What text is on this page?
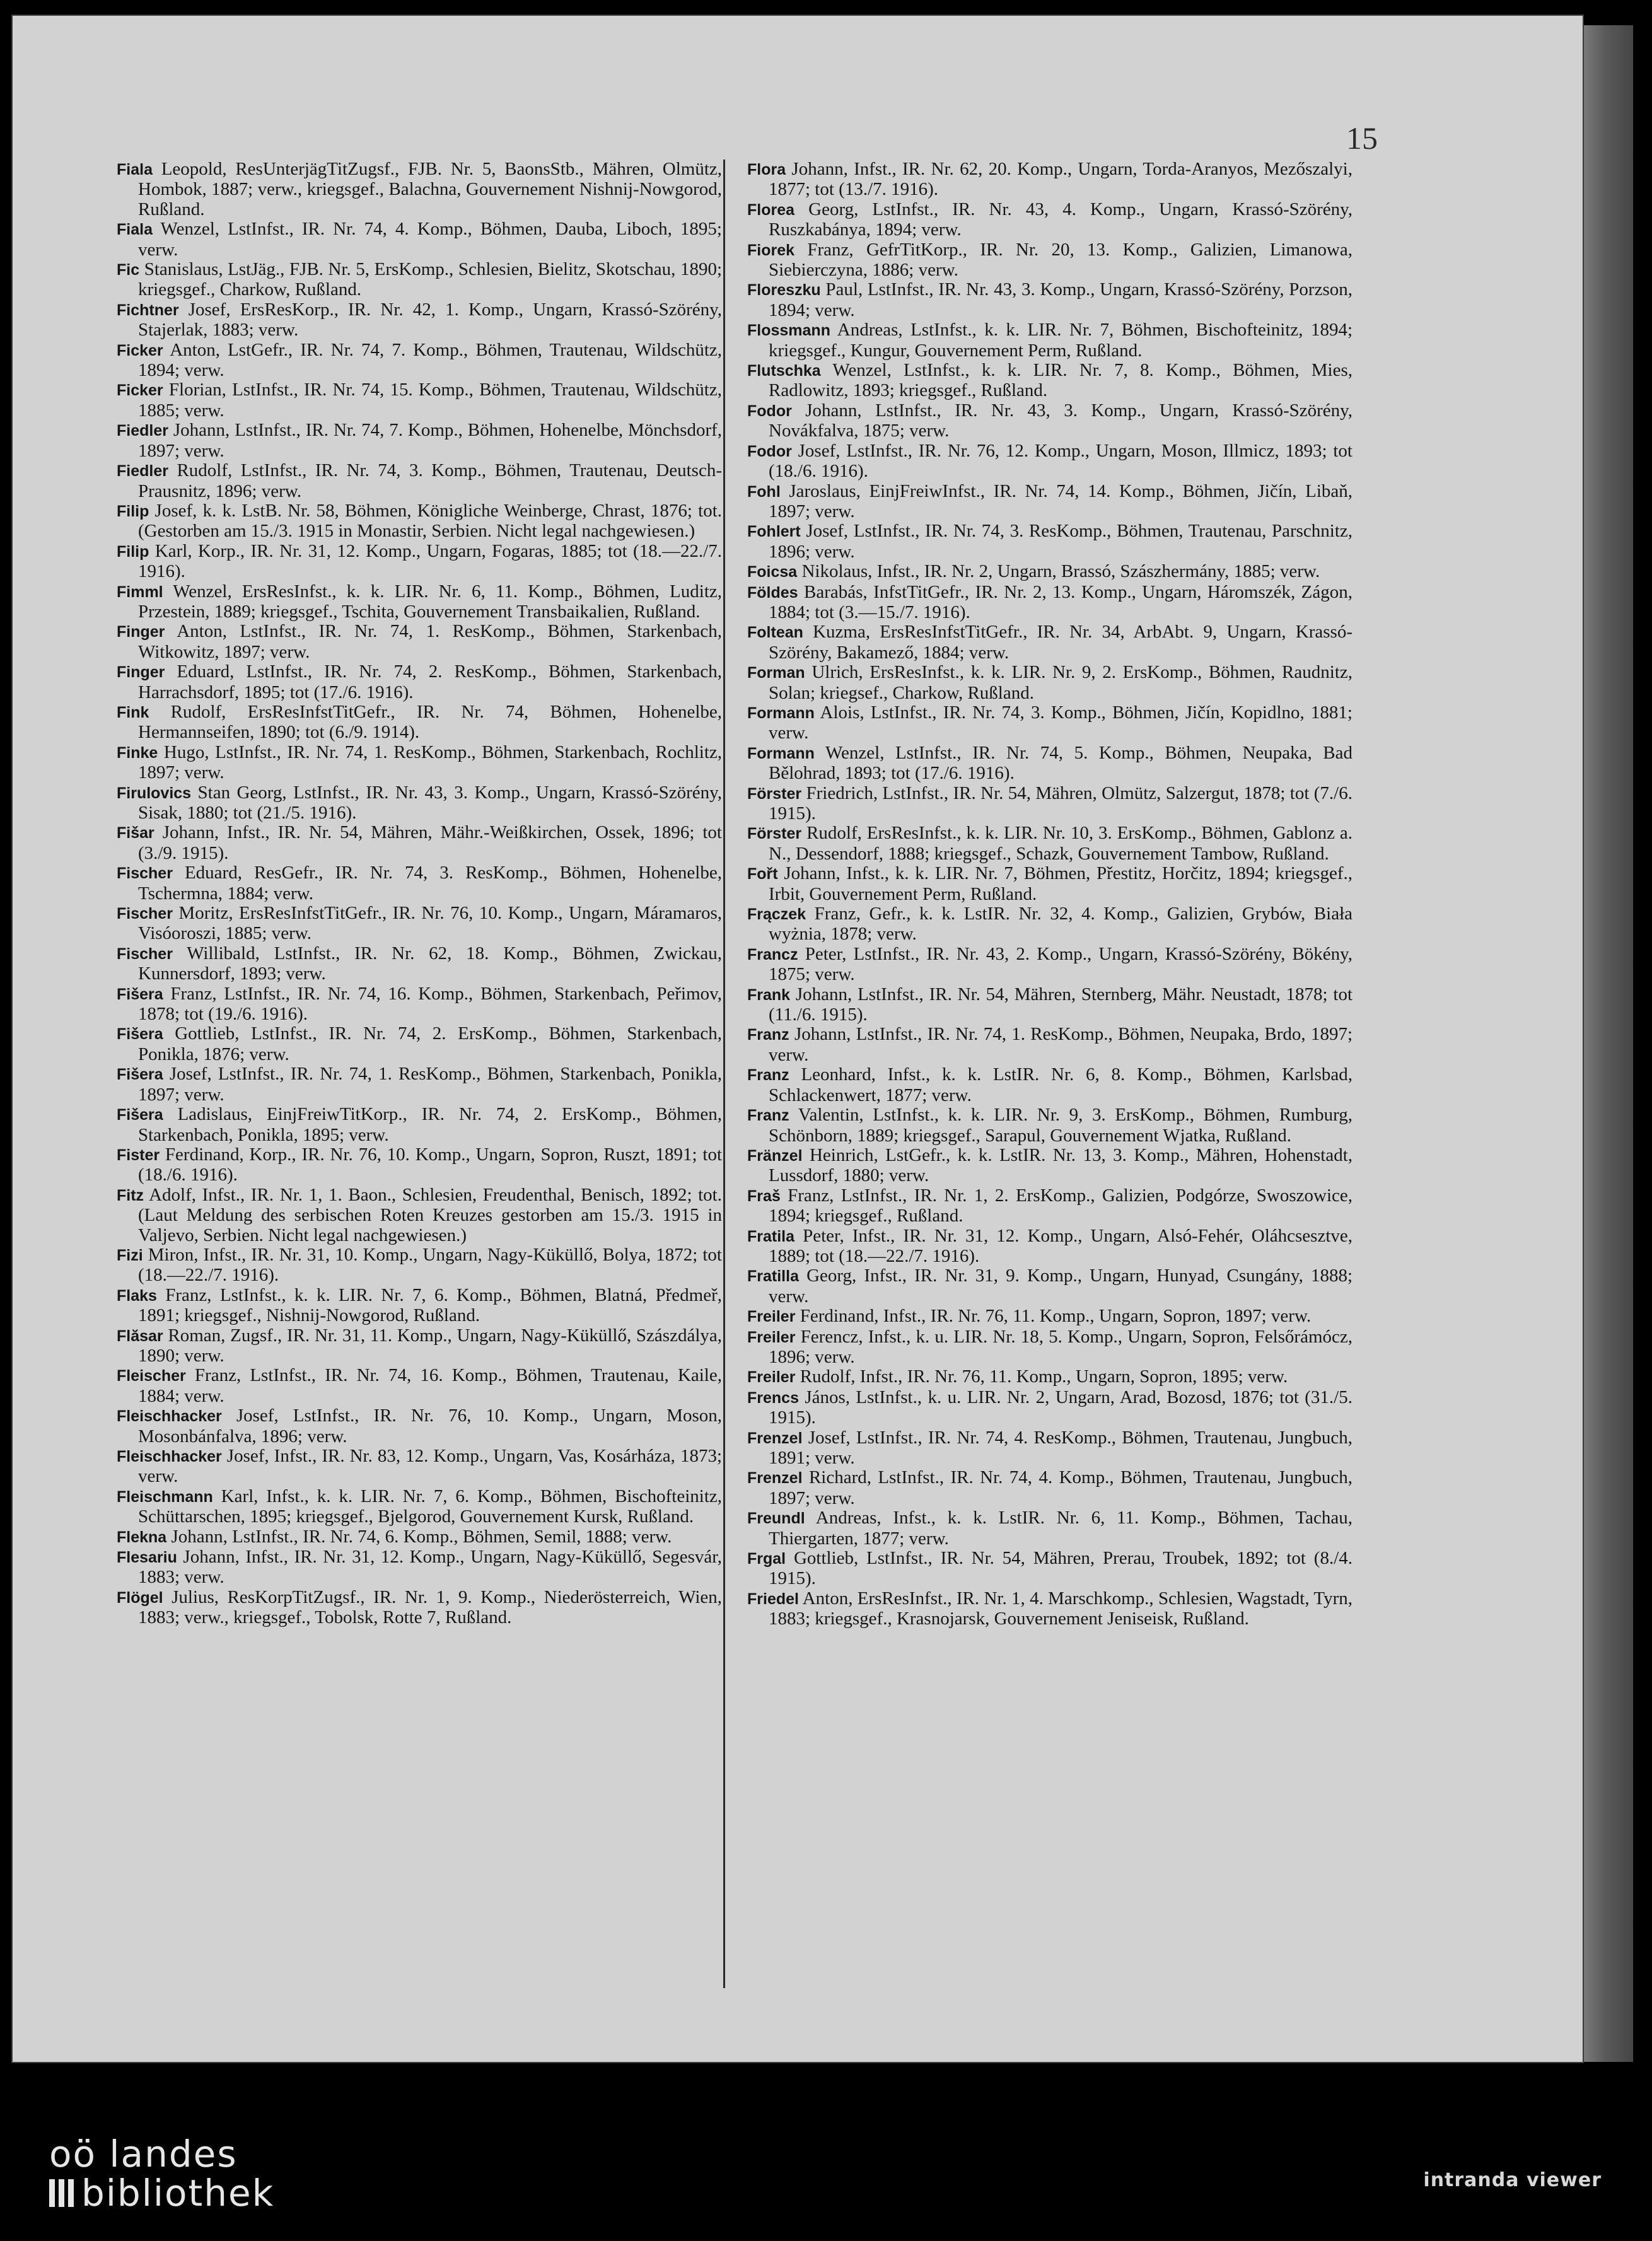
15

Fiala Leopold, ResUnterjägTitZugsf., FJB. Nr. 5, BaonsStb., Mähren, Olmütz, Hombok, 1887; verw., kriegsgef., Balachna, Gouvernement Nishnij-Nowgorod, Rußland.

Fiala Wenzel, LstInfst., IR. Nr. 74, 4. Komp., Böhmen, Dauba, Liboch, 1895; verw.

Fic Stanislaus, LstJäg., FJB. Nr. 5, ErsKomp., Schlesien, Bielitz, Skotschau, 1890; kriegsgef., Charkow, Rußland.

Fichtner Josef, ErsResKorp., IR. Nr. 42, 1. Komp., Ungarn, Krassó-Szörény, Stajerlak, 1883; verw.

Ficker Anton, LstGefr., IR. Nr. 74, 7. Komp., Böhmen, Trautenau, Wildschütz, 1894; verw.

Ficker Florian, LstInfst., IR. Nr. 74, 15. Komp., Böhmen, Trautenau, Wildschütz, 1885; verw.

Fiedler Johann, LstInfst., IR. Nr. 74, 7. Komp., Böhmen, Hohenelbe, Mönchsdorf, 1897; verw.

Fiedler Rudolf, LstInfst., IR. Nr. 74, 3. Komp., Böhmen, Trautenau, Deutsch-Prausnitz, 1896; verw.

Filip Josef, k. k. LstB. Nr. 58, Böhmen, Königliche Weinberge, Chrast, 1876; tot. (Gestorben am 15./3. 1915 in Monastir, Serbien. Nicht legal nachgewiesen.)

Filip Karl, Korp., IR. Nr. 31, 12. Komp., Ungarn, Fogaras, 1885; tot (18.—22./7. 1916).

Fimml Wenzel, ErsResInfst., k. k. LIR. Nr. 6, 11. Komp., Böhmen, Luditz, Przestein, 1889; kriegsgef., Tschita, Gouvernement Transbaikalien, Rußland.

Finger Anton, LstInfst., IR. Nr. 74, 1. ResKomp., Böhmen, Starkenbach, Witkowitz, 1897; verw.

Finger Eduard, LstInfst., IR. Nr. 74, 2. ResKomp., Böhmen, Starkenbach, Harrachsdorf, 1895; tot (17./6. 1916).

Fink Rudolf, ErsResInfstTitGefr., IR. Nr. 74, Böhmen, Hohenelbe, Hermannseifen, 1890; tot (6./9. 1914).

Finke Hugo, LstInfst., IR. Nr. 74, 1. ResKomp., Böhmen, Starkenbach, Rochlitz, 1897; verw.

Firulovics Stan Georg, LstInfst., IR. Nr. 43, 3. Komp., Ungarn, Krassó-Szörény, Sisak, 1880; tot (21./5. 1916).

Fišar Johann, Infst., IR. Nr. 54, Mähren, Mähr.-Weißkirchen, Ossek, 1896; tot (3./9. 1915).

Fischer Eduard, ResGefr., IR. Nr. 74, 3. ResKomp., Böhmen, Hohenelbe, Tschermna, 1884; verw.

Fischer Moritz, ErsResInfstTitGefr., IR. Nr. 76, 10. Komp., Ungarn, Máramaros, Visóoroszi, 1885; verw.

Fischer Willibald, LstInfst., IR. Nr. 62, 18. Komp., Böhmen, Zwickau, Kunnersdorf, 1893; verw.

Fišera Franz, LstInfst., IR. Nr. 74, 16. Komp., Böhmen, Starkenbach, Peřimov, 1878; tot (19./6. 1916).

Fišera Gottlieb, LstInfst., IR. Nr. 74, 2. ErsKomp., Böhmen, Starkenbach, Ponikla, 1876; verw.

Fišera Josef, LstInfst., IR. Nr. 74, 1. ResKomp., Böhmen, Starkenbach, Ponikla, 1897; verw.

Fišera Ladislaus, EinjFreiwTitKorp., IR. Nr. 74, 2. ErsKomp., Böhmen, Starkenbach, Ponikla, 1895; verw.

Fister Ferdinand, Korp., IR. Nr. 76, 10. Komp., Ungarn, Sopron, Ruszt, 1891; tot (18./6. 1916).

Fitz Adolf, Infst., IR. Nr. 1, 1. Baon., Schlesien, Freudenthal, Benisch, 1892; tot. (Laut Meldung des serbischen Roten Kreuzes gestorben am 15./3. 1915 in Valjevo, Serbien. Nicht legal nachgewiesen.)

Fizi Miron, Infst., IR. Nr. 31, 10. Komp., Ungarn, Nagy-Küküllő, Bolya, 1872; tot (18.—22./7. 1916).

Flaks Franz, LstInfst., k. k. LIR. Nr. 7, 6. Komp., Böhmen, Blatná, Předmeř, 1891; kriegsgef., Nishnij-Nowgorod, Rußland.

Flăsar Roman, Zugsf., IR. Nr. 31, 11. Komp., Ungarn, Nagy-Küküllő, Szászdálya, 1890; verw.

Fleischer Franz, LstInfst., IR. Nr. 74, 16. Komp., Böhmen, Trautenau, Kaile, 1884; verw.

Fleischhacker Josef, LstInfst., IR. Nr. 76, 10. Komp., Ungarn, Moson, Mosonbánfalva, 1896; verw.

Fleischhacker Josef, Infst., IR. Nr. 83, 12. Komp., Ungarn, Vas, Kosárháza, 1873; verw.

Fleischmann Karl, Infst., k. k. LIR. Nr. 7, 6. Komp., Böhmen, Bischofteinitz, Schüttarschen, 1895; kriegsgef., Bjelgorod, Gouvernement Kursk, Rußland.

Flekna Johann, LstInfst., IR. Nr. 74, 6. Komp., Böhmen, Semil, 1888; verw.

Flesariu Johann, Infst., IR. Nr. 31, 12. Komp., Ungarn, Nagy-Küküllő, Segesvár, 1883; verw.

Flögel Julius, ResKorpTitZugsf., IR. Nr. 1, 9. Komp., Niederösterreich, Wien, 1883; verw., kriegsgef., Tobolsk, Rotte 7, Rußland.

Flora Johann, Infst., IR. Nr. 62, 20. Komp., Ungarn, Torda-Aranyos, Mezőszalyi, 1877; tot (13./7. 1916).

Florea Georg, LstInfst., IR. Nr. 43, 4. Komp., Ungarn, Krassó-Szörény, Ruszkabánya, 1894; verw.

Fiorek Franz, GefrTitKorp., IR. Nr. 20, 13. Komp., Galizien, Limanowa, Siebierczyna, 1886; verw.

Floreszku Paul, LstInfst., IR. Nr. 43, 3. Komp., Ungarn, Krassó-Szörény, Porzson, 1894; verw.

Flossmann Andreas, LstInfst., k. k. LIR. Nr. 7, Böhmen, Bischofteinitz, 1894; kriegsgef., Kungur, Gouvernement Perm, Rußland.

Flutschka Wenzel, LstInfst., k. k. LIR. Nr. 7, 8. Komp., Böhmen, Mies, Radlowitz, 1893; kriegsgef., Rußland.

Fodor Johann, LstInfst., IR. Nr. 43, 3. Komp., Ungarn, Krassó-Szörény, Novákfalva, 1875; verw.

Fodor Josef, LstInfst., IR. Nr. 76, 12. Komp., Ungarn, Moson, Illmicz, 1893; tot (18./6. 1916).

Fohl Jaroslaus, EinjFreiwInfst., IR. Nr. 74, 14. Komp., Böhmen, Jičín, Libaň, 1897; verw.

Fohlert Josef, LstInfst., IR. Nr. 74, 3. ResKomp., Böhmen, Trautenau, Parschnitz, 1896; verw.

Foicsa Nikolaus, Infst., IR. Nr. 2, Ungarn, Brassó, Szászhermány, 1885; verw.

Földes Barabás, InfstTitGefr., IR. Nr. 2, 13. Komp., Ungarn, Háromszék, Zágon, 1884; tot (3.—15./7. 1916).

Foltean Kuzma, ErsResInfstTitGefr., IR. Nr. 34, ArbAbt. 9, Ungarn, Krassó-Szörény, Bakamező, 1884; verw.

Forman Ulrich, ErsResInfst., k. k. LIR. Nr. 9, 2. ErsKomp., Böhmen, Raudnitz, Solan; kriegsef., Charkow, Rußland.

Formann Alois, LstInfst., IR. Nr. 74, 3. Komp., Böhmen, Jičín, Kopidlno, 1881; verw.

Formann Wenzel, LstInfst., IR. Nr. 74, 5. Komp., Böhmen, Neupaka, Bad Bělohrad, 1893; tot (17./6. 1916).

Förster Friedrich, LstInfst., IR. Nr. 54, Mähren, Olmütz, Salzergut, 1878; tot (7./6. 1915).

Förster Rudolf, ErsResInfst., k. k. LIR. Nr. 10, 3. ErsKomp., Böhmen, Gablonz a. N., Dessendorf, 1888; kriegsgef., Schazk, Gouvernement Tambow, Rußland.

Fořt Johann, Infst., k. k. LIR. Nr. 7, Böhmen, Přestitz, Horčitz, 1894; kriegsgef., Irbit, Gouvernement Perm, Rußland.

Frączek Franz, Gefr., k. k. LstIR. Nr. 32, 4. Komp., Galizien, Grybów, Biała wyżnia, 1878; verw.

Francz Peter, LstInfst., IR. Nr. 43, 2. Komp., Ungarn, Krassó-Szörény, Bökény, 1875; verw.

Frank Johann, LstInfst., IR. Nr. 54, Mähren, Sternberg, Mähr. Neustadt, 1878; tot (11./6. 1915).

Franz Johann, LstInfst., IR. Nr. 74, 1. ResKomp., Böhmen, Neupaka, Brdo, 1897; verw.

Franz Leonhard, Infst., k. k. LstIR. Nr. 6, 8. Komp., Böhmen, Karlsbad, Schlackenwert, 1877; verw.

Franz Valentin, LstInfst., k. k. LIR. Nr. 9, 3. ErsKomp., Böhmen, Rumburg, Schönborn, 1889; kriegsgef., Sarapul, Gouvernement Wjatka, Rußland.

Fränzel Heinrich, LstGefr., k. k. LstIR. Nr. 13, 3. Komp., Mähren, Hohenstadt, Lussdorf, 1880; verw.

Fraš Franz, LstInfst., IR. Nr. 1, 2. ErsKomp., Galizien, Podgórze, Swoszowice, 1894; kriegsgef., Rußland.

Fratila Peter, Infst., IR. Nr. 31, 12. Komp., Ungarn, Alsó-Fehér, Oláhcsesztve, 1889; tot (18.—22./7. 1916).

Fratilla Georg, Infst., IR. Nr. 31, 9. Komp., Ungarn, Hunyad, Csungány, 1888; verw.

Freiler Ferdinand, Infst., IR. Nr. 76, 11. Komp., Ungarn, Sopron, 1897; verw.

Freiler Ferencz, Infst., k. u. LIR. Nr. 18, 5. Komp., Ungarn, Sopron, Felsőrámócz, 1896; verw.

Freiler Rudolf, Infst., IR. Nr. 76, 11. Komp., Ungarn, Sopron, 1895; verw.

Frencs János, LstInfst., k. u. LIR. Nr. 2, Ungarn, Arad, Bozosd, 1876; tot (31./5. 1915).

Frenzel Josef, LstInfst., IR. Nr. 74, 4. ResKomp., Böhmen, Trautenau, Jungbuch, 1891; verw.

Frenzel Richard, LstInfst., IR. Nr. 74, 4. Komp., Böhmen, Trautenau, Jungbuch, 1897; verw.

Freundl Andreas, Infst., k. k. LstIR. Nr. 6, 11. Komp., Böhmen, Tachau, Thiergarten, 1877; verw.

Frgal Gottlieb, LstInfst., IR. Nr. 54, Mähren, Prerau, Troubek, 1892; tot (8./4. 1915).

Friedel Anton, ErsResInfst., IR. Nr. 1, 4. Marschkomp., Schlesien, Wagstadt, Tyrn, 1883; kriegsgef., Krasnojarsk, Gouvernement Jeniseisk, Rußland.

oö landes
bibliothek	intranda viewer
